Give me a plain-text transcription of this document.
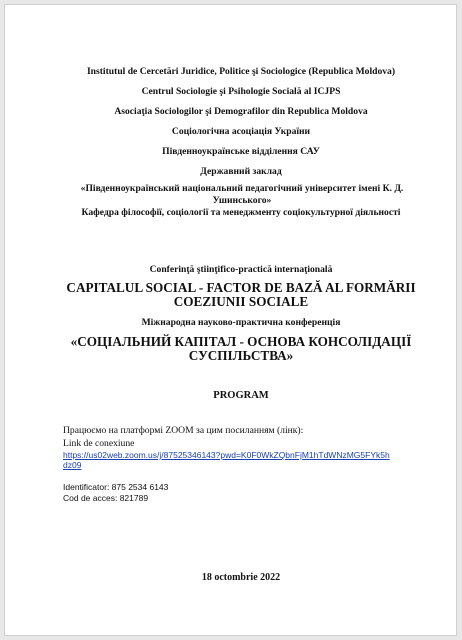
Institutul de Cercetări Juridice, Politice şi Sociologice (Republica Moldova)
Centrul Sociologie şi Psihologie Socială al ICJPS
Asociaţia Sociologilor şi Demografilor din Republica Moldova
Соціологічна асоціація України
Південноукраїнське відділення САУ
Державний заклад
«Південноукраїнський національний педагогічний університет імені К. Д. Ушинського»
Кафедра філософії, соціології та менеджменту соціокультурної діяльності
Conferinţă ştiinţifico-practică internaţională
CAPITALUL SOCIAL - FACTOR DE BAZĂ AL FORMĂRII COEZIUNII SOCIALE
Міжнародна науково-практична конференція
«СОЦІАЛЬНИЙ КАПІТАЛ - ОСНОВА КОНСОЛІДАЦІЇ СУСПІЛЬСТВА»
PROGRAM
Працюємо на платформі ZOOM за цим посиланням (лінк):
Link de conexiune
https://us02web.zoom.us/j/87525346143?pwd=K0F0WkZQbnFjM1hTdWNzMG5FYk5hdz09
Identificator: 875 2534 6143
Cod de acces: 821789
18 octombrie 2022
